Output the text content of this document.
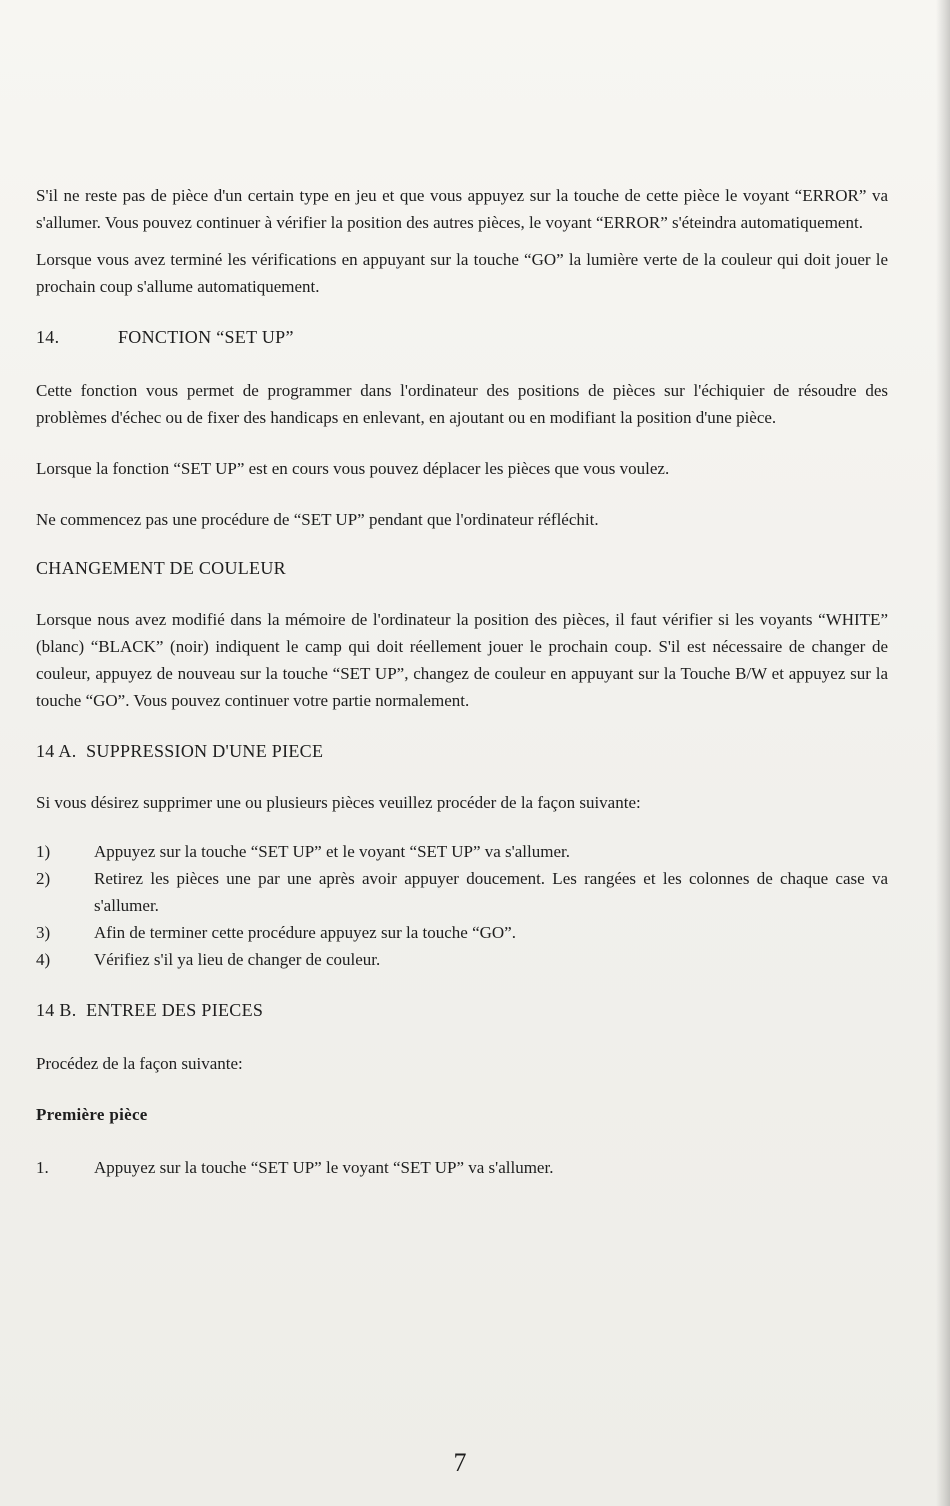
S'il ne reste pas de pièce d'un certain type en jeu et que vous appuyez sur la touche de cette pièce le voyant “ERROR” va s'allumer. Vous pouvez continuer à vérifier la position des autres pièces, le voyant “ERROR” s'éteindra automatiquement.

Lorsque vous avez terminé les vérifications en appuyant sur la touche “GO” la lumière verte de la couleur qui doit jouer le prochain coup s'allume automatiquement.

14.	FONCTION “SET UP”

Cette fonction vous permet de programmer dans l'ordinateur des positions de pièces sur l'échiquier de résoudre des problèmes d'échec ou de fixer des handicaps en enlevant, en ajoutant ou en modifiant la position d'une pièce.

Lorsque la fonction “SET UP” est en cours vous pouvez déplacer les pièces que vous voulez.

Ne commencez pas une procédure de “SET UP” pendant que l'ordinateur réfléchit.

CHANGEMENT DE COULEUR

Lorsque nous avez modifié dans la mémoire de l'ordinateur la position des pièces, il faut vérifier si les voyants “WHITE” (blanc) “BLACK” (noir) indiquent le camp qui doit réellement jouer le prochain coup. S'il est nécessaire de changer de couleur, appuyez de nouveau sur la touche “SET UP”, changez de couleur en appuyant sur la Touche B/W et appuyez sur la touche “GO”. Vous pouvez continuer votre partie normalement.

14 A.  SUPPRESSION D'UNE PIECE

Si vous désirez supprimer une ou plusieurs pièces veuillez procéder de la façon suivante:

1)	Appuyez sur la touche “SET UP” et le voyant “SET UP” va s'allumer.
2)	Retirez les pièces une par une après avoir appuyer doucement. Les rangées et les colonnes de chaque case va s'allumer.
3)	Afin de terminer cette procédure appuyez sur la touche “GO”.
4)	Vérifiez s'il ya lieu de changer de couleur.
14 B.  ENTREE DES PIECES

Procédez de la façon suivante:

Première pièce
1.	Appuyez sur la touche “SET UP” le voyant “SET UP” va s'allumer.
7
